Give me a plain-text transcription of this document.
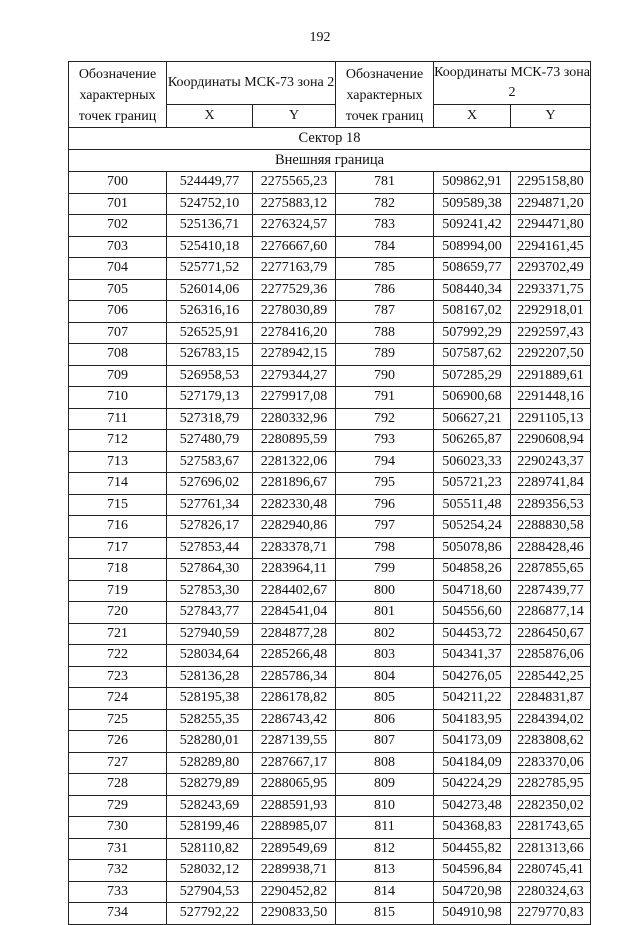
192
Обозначение характерных точек границ	Координаты МСК-73 зона 2		Обозначение характерных точек границ	Координаты МСК-73 зона 2	
	X	Y		X	Y
Сектор 18					
Внешняя граница					
700	524449,77	2275565,23	781	509862,91	2295158,80
701	524752,10	2275883,12	782	509589,38	2294871,20
702	525136,71	2276324,57	783	509241,42	2294471,80
703	525410,18	2276667,60	784	508994,00	2294161,45
704	525771,52	2277163,79	785	508659,77	2293702,49
705	526014,06	2277529,36	786	508440,34	2293371,75
706	526316,16	2278030,89	787	508167,02	2292918,01
707	526525,91	2278416,20	788	507992,29	2292597,43
708	526783,15	2278942,15	789	507587,62	2292207,50
709	526958,53	2279344,27	790	507285,29	2291889,61
710	527179,13	2279917,08	791	506900,68	2291448,16
711	527318,79	2280332,96	792	506627,21	2291105,13
712	527480,79	2280895,59	793	506265,87	2290608,94
713	527583,67	2281322,06	794	506023,33	2290243,37
714	527696,02	2281896,67	795	505721,23	2289741,84
715	527761,34	2282330,48	796	505511,48	2289356,53
716	527826,17	2282940,86	797	505254,24	2288830,58
717	527853,44	2283378,71	798	505078,86	2288428,46
718	527864,30	2283964,11	799	504858,26	2287855,65
719	527853,30	2284402,67	800	504718,60	2287439,77
720	527843,77	2284541,04	801	504556,60	2286877,14
721	527940,59	2284877,28	802	504453,72	2286450,67
722	528034,64	2285266,48	803	504341,37	2285876,06
723	528136,28	2285786,34	804	504276,05	2285442,25
724	528195,38	2286178,82	805	504211,22	2284831,87
725	528255,35	2286743,42	806	504183,95	2284394,02
726	528280,01	2287139,55	807	504173,09	2283808,62
727	528289,80	2287667,17	808	504184,09	2283370,06
728	528279,89	2288065,95	809	504224,29	2282785,95
729	528243,69	2288591,93	810	504273,48	2282350,02
730	528199,46	2288985,07	811	504368,83	2281743,65
731	528110,82	2289549,69	812	504455,82	2281313,66
732	528032,12	2289938,71	813	504596,84	2280745,41
733	527904,53	2290452,82	814	504720,98	2280324,63
734	527792,22	2290833,50	815	504910,98	2279770,83
